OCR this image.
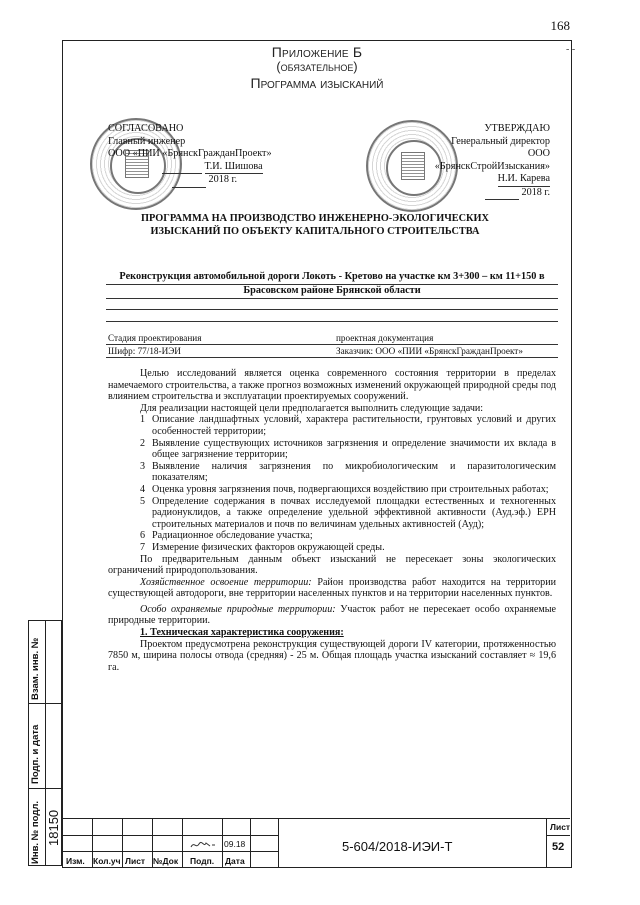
168
- -
Приложение Б
(обязательное)
Программа изысканий
СОГЛАСОВАНО
Главный инженер
ООО «ПИИ «БрянскГражданПроект»
Т.И. Шишова
2018 г.
УТВЕРЖДАЮ
Генеральный директор
ООО «БрянскСтройИзыскания»
Н.И. Карева
2018 г.
ПРОГРАММА НА ПРОИЗВОДСТВО ИНЖЕНЕРНО-ЭКОЛОГИЧЕСКИХ ИЗЫСКАНИЙ ПО ОБЪЕКТУ КАПИТАЛЬНОГО СТРОИТЕЛЬСТВА
Реконструкция автомобильной дороги Локоть - Кретово на участке км 3+300 – км 11+150 в Брасовском районе Брянской области
Стадия проектирования	проектная документация
Шифр: 77/18-ИЭИ	Заказчик: ООО «ПИИ «БрянскГражданПроект»

Целью исследований является оценка современного состояния территории в пределах намечаемого строительства, а также прогноз возможных изменений окружающей природной среды под влиянием строительства и эксплуатации проектируемых сооружений.

Для реализации настоящей цели предполагается выполнить следующие задачи:

1 Описание ландшафтных условий, характера растительности, грунтовых условий и других особенностей территории;
2 Выявление существующих источников загрязнения и определение значимости их вклада в общее загрязнение территории;
3 Выявление наличия загрязнения по микробиологическим и паразитологическим показателям;
4 Оценка уровня загрязнения почв, подвергающихся воздействию при строительных работах;
5 Определение содержания в почвах исследуемой площадки естественных и техногенных радионуклидов, а также определение удельной эффективной активности (Ауд.эф.) ЕРН строительных материалов и почв по величинам удельных активностей (Ауд);
6 Радиационное обследование участка;
7 Измерение физических факторов окружающей среды.

По предварительным данным объект изысканий не пересекает зоны экологических ограничений природопользования.

Хозяйственное освоение территории: Район производства работ находится на территории существующей автодороги, вне территории населенных пунктов и на территории населенных пунктов.

Особо охраняемые природные территории: Участок работ не пересекает особо охраняемые природные территории.

1. Техническая характеристика сооружения:

Проектом предусмотрена реконструкция существующей дороги IV категории, протяженностью 7850 м, ширина полосы отвода (средняя) - 25 м. Общая площадь участка изысканий составляет ≈ 19,6 га.

Взам. инв. №
Подп. и дата
Инв. № подл. 18150
Изм. Кол.уч Лист №Док Подп. Дата
09.18	5-604/2018-ИЭИ-Т
Лист
52
